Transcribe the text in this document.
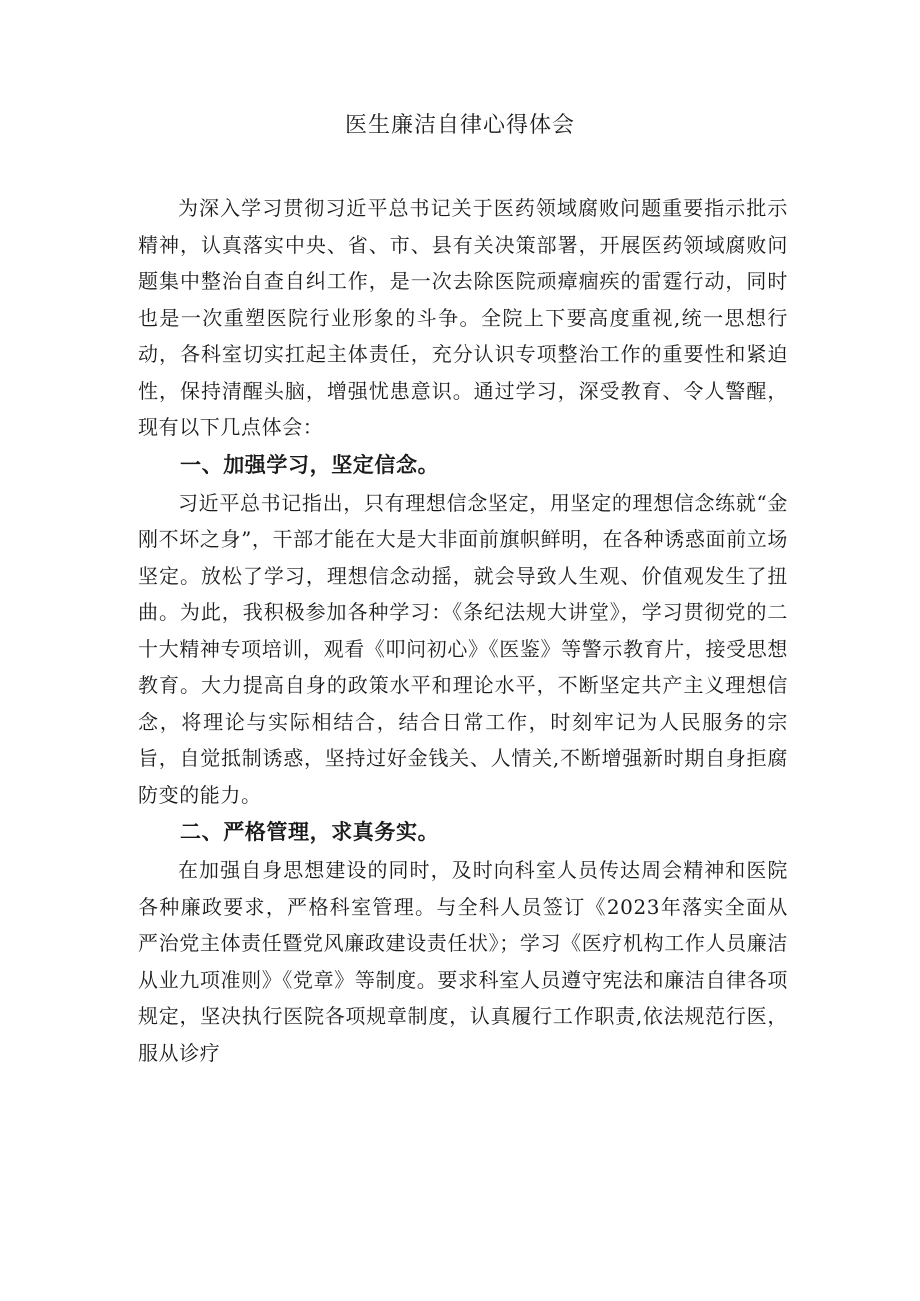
医生廉洁自律心得体会

为深入学习贯彻习近平总书记关于医药领域腐败问题重要指示批示精神，认真落实中央、省、市、县有关决策部署，开展医药领域腐败问题集中整治自查自纠工作，是一次去除医院顽瘴痼疾的雷霆行动，同时也是一次重塑医院行业形象的斗争。全院上下要高度重视,统一思想行动，各科室切实扛起主体责任，充分认识专项整治工作的重要性和紧迫性，保持清醒头脑，增强忧患意识。通过学习，深受教育、令人警醒，现有以下几点体会：

一、加强学习，坚定信念。

习近平总书记指出，只有理想信念坚定，用坚定的理想信念练就“金刚不坏之身”，干部才能在大是大非面前旗帜鲜明，在各种诱惑面前立场坚定。放松了学习，理想信念动摇，就会导致人生观、价值观发生了扭曲。为此，我积极参加各种学习：《条纪法规大讲堂》，学习贯彻党的二十大精神专项培训，观看《叩问初心》《医鉴》等警示教育片，接受思想教育。大力提高自身的政策水平和理论水平，不断坚定共产主义理想信念，将理论与实际相结合，结合日常工作，时刻牢记为人民服务的宗旨，自觉抵制诱惑，坚持过好金钱关、人情关,不断增强新时期自身拒腐防变的能力。

二、严格管理，求真务实。

在加强自身思想建设的同时，及时向科室人员传达周会精神和医院各种廉政要求，严格科室管理。与全科人员签订《2023年落实全面从严治党主体责任暨党风廉政建设责任状》；学习《医疗机构工作人员廉洁从业九项准则》《党章》等制度。要求科室人员遵守宪法和廉洁自律各项规定，坚决执行医院各项规章制度，认真履行工作职责,依法规范行医，服从诊疗
